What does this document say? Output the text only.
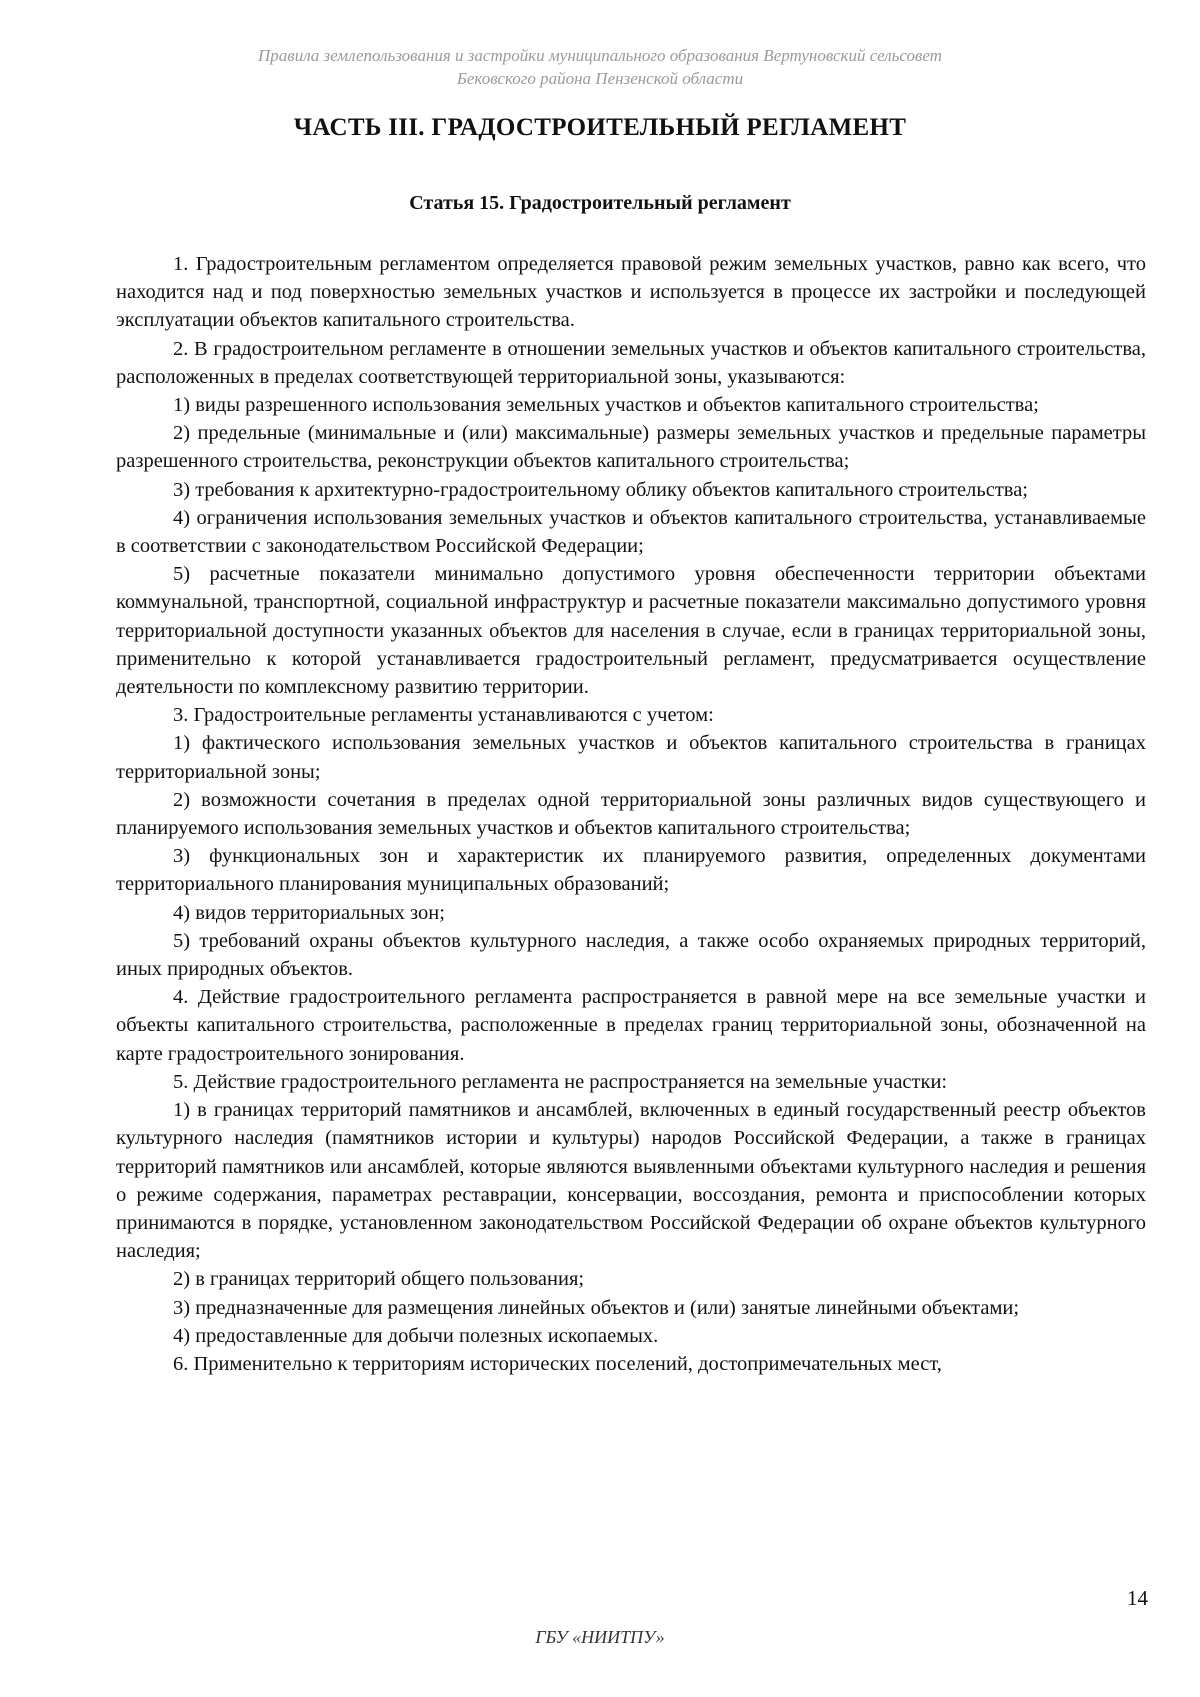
Правила землепользования и застройки муниципального образования Вертуновский сельсовет
Бековского района Пензенской области
ЧАСТЬ III. ГРАДОСТРОИТЕЛЬНЫЙ РЕГЛАМЕНТ
Статья 15. Градостроительный регламент

1. Градостроительным регламентом определяется правовой режим земельных участков, равно как всего, что находится над и под поверхностью земельных участков и используется в процессе их застройки и последующей эксплуатации объектов капитального строительства.

2. В градостроительном регламенте в отношении земельных участков и объектов капитального строительства, расположенных в пределах соответствующей территориальной зоны, указываются:

1) виды разрешенного использования земельных участков и объектов капитального строительства;

2) предельные (минимальные и (или) максимальные) размеры земельных участков и предельные параметры разрешенного строительства, реконструкции объектов капитального строительства;

3) требования к архитектурно-градостроительному облику объектов капитального строительства;

4) ограничения использования земельных участков и объектов капитального строительства, устанавливаемые в соответствии с законодательством Российской Федерации;

5) расчетные показатели минимально допустимого уровня обеспеченности территории объектами коммунальной, транспортной, социальной инфраструктур и расчетные показатели максимально допустимого уровня территориальной доступности указанных объектов для населения в случае, если в границах территориальной зоны, применительно к которой устанавливается градостроительный регламент, предусматривается осуществление деятельности по комплексному развитию территории.

3. Градостроительные регламенты устанавливаются с учетом:

1) фактического использования земельных участков и объектов капитального строительства в границах территориальной зоны;

2) возможности сочетания в пределах одной территориальной зоны различных видов существующего и планируемого использования земельных участков и объектов капитального строительства;

3) функциональных зон и характеристик их планируемого развития, определенных документами территориального планирования муниципальных образований;

4) видов территориальных зон;

5) требований охраны объектов культурного наследия, а также особо охраняемых природных территорий, иных природных объектов.

4. Действие градостроительного регламента распространяется в равной мере на все земельные участки и объекты капитального строительства, расположенные в пределах границ территориальной зоны, обозначенной на карте градостроительного зонирования.

5. Действие градостроительного регламента не распространяется на земельные участки:

1) в границах территорий памятников и ансамблей, включенных в единый государственный реестр объектов культурного наследия (памятников истории и культуры) народов Российской Федерации, а также в границах территорий памятников или ансамблей, которые являются выявленными объектами культурного наследия и решения о режиме содержания, параметрах реставрации, консервации, воссоздания, ремонта и приспособлении которых принимаются в порядке, установленном законодательством Российской Федерации об охране объектов культурного наследия;

2) в границах территорий общего пользования;

3) предназначенные для размещения линейных объектов и (или) занятые линейными объектами;

4) предоставленные для добычи полезных ископаемых.

6. Применительно к территориям исторических поселений, достопримечательных мест,

14
ГБУ «НИИТПУ»
